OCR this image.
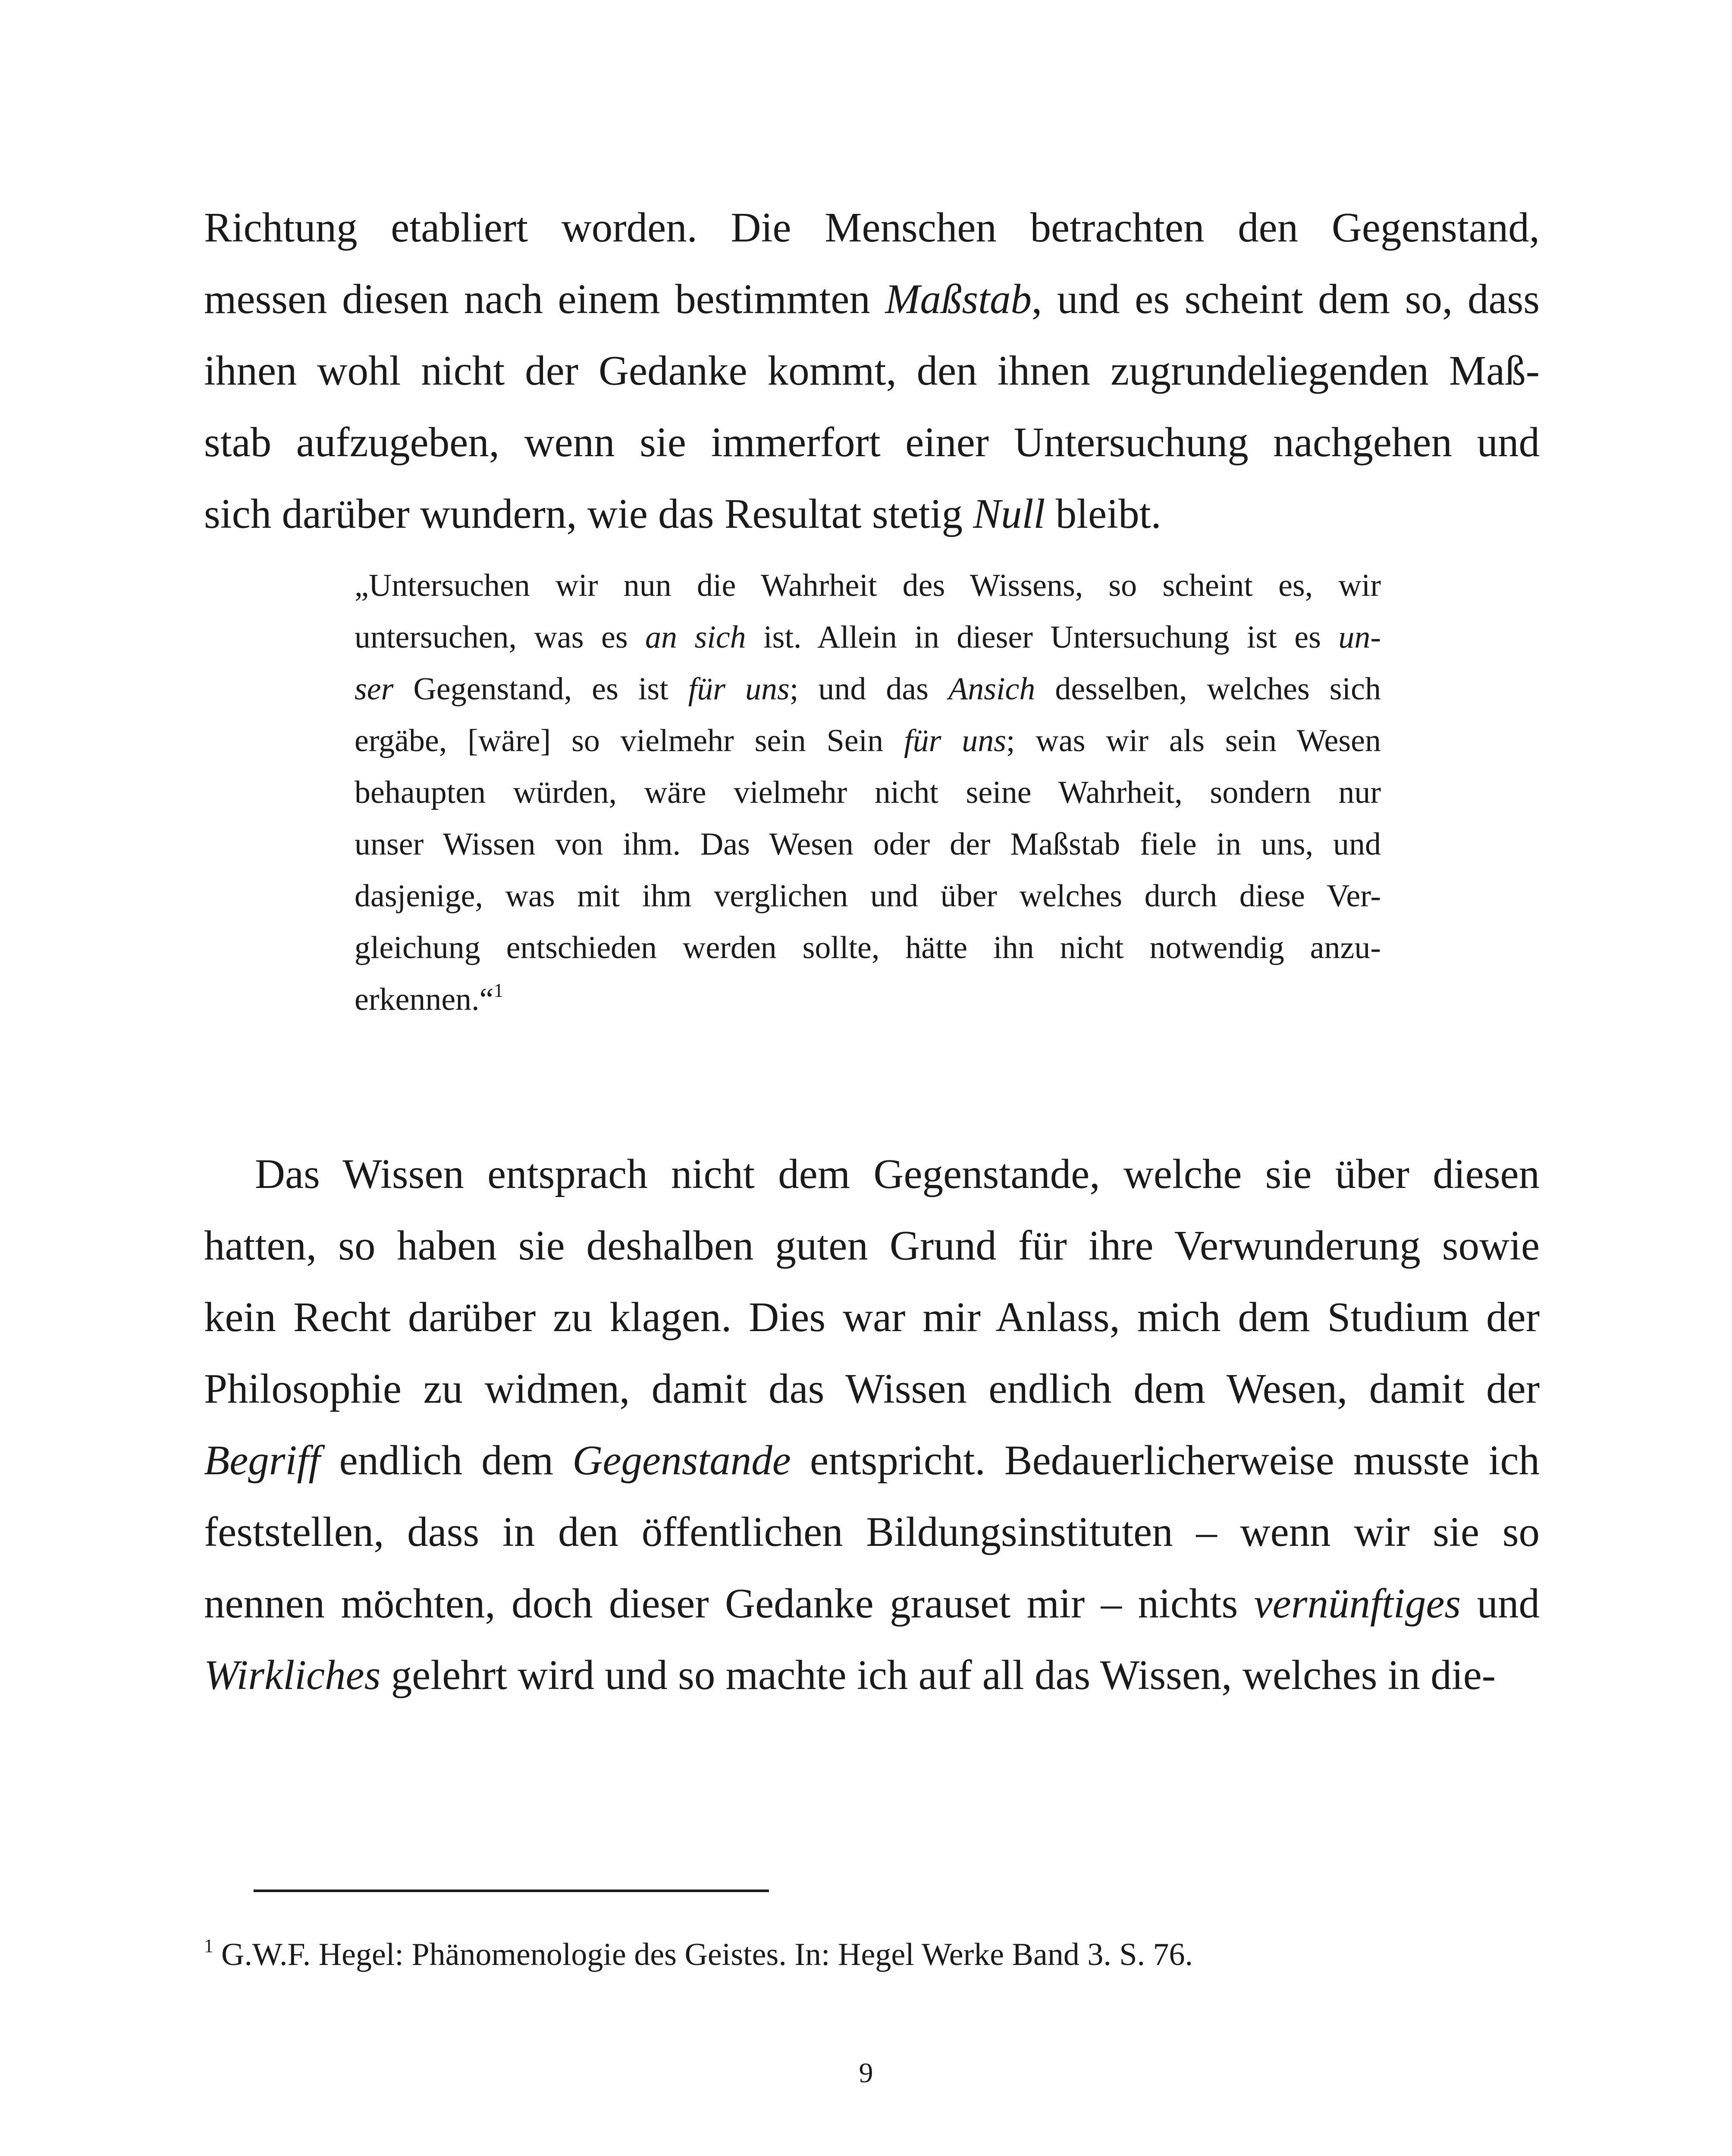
Richtung etabliert worden. Die Menschen betrachten den Gegenstand,
messen diesen nach einem bestimmten Maßstab, und es scheint dem so, dass
ihnen wohl nicht der Gedanke kommt, den ihnen zugrundeliegenden Maß-
stab aufzugeben, wenn sie immerfort einer Untersuchung nachgehen und
sich darüber wundern, wie das Resultat stetig Null bleibt.
„Untersuchen wir nun die Wahrheit des Wissens, so scheint es, wir
untersuchen, was es an sich ist. Allein in dieser Untersuchung ist es un-
ser Gegenstand, es ist für uns; und das Ansich desselben, welches sich
ergäbe, [wäre] so vielmehr sein Sein für uns; was wir als sein Wesen
behaupten würden, wäre vielmehr nicht seine Wahrheit, sondern nur
unser Wissen von ihm. Das Wesen oder der Maßstab fiele in uns, und
dasjenige, was mit ihm verglichen und über welches durch diese Ver-
gleichung entschieden werden sollte, hätte ihn nicht notwendig anzu-
erkennen.“$^1$
Das Wissen entsprach nicht dem Gegenstande, welche sie über diesen
hatten, so haben sie deshalben guten Grund für ihre Verwunderung sowie
kein Recht darüber zu klagen. Dies war mir Anlass, mich dem Studium der
Philosophie zu widmen, damit das Wissen endlich dem Wesen, damit der
Begriff endlich dem Gegenstande entspricht. Bedauerlicherweise musste ich
feststellen, dass in den öffentlichen Bildungsinstituten – wenn wir sie so
nennen möchten, doch dieser Gedanke grauset mir – nichts vernünftiges und
Wirkliches gelehrt wird und so machte ich auf all das Wissen, welches in die-
$^1$ G.W.F. Hegel: Phänomenologie des Geistes. In: Hegel Werke Band 3. S. 76.
9
